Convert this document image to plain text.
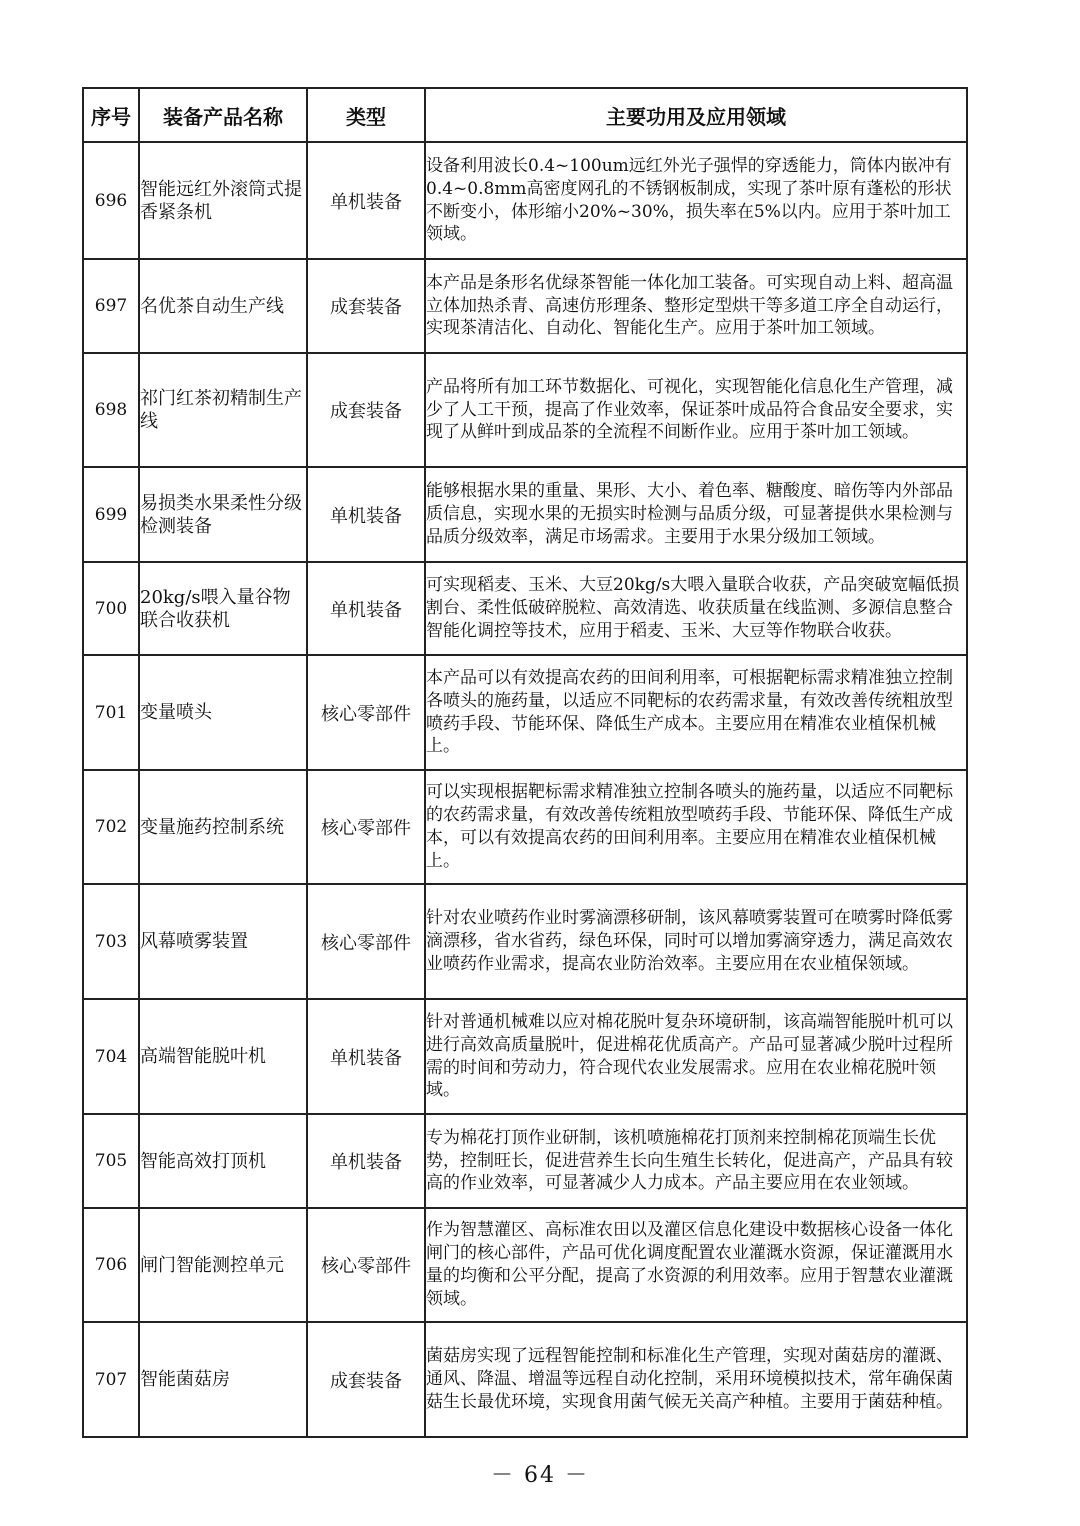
序号	装备产品名称	类型	主要功用及应用领域
696	智能远红外滚筒式提香紧条机	单机装备	设备利用波长0.4~100um远红外光子强悍的穿透能力，筒体内嵌冲有0.4~0.8mm高密度网孔的不锈钢板制成，实现了茶叶原有蓬松的形状不断变小，体形缩小20%~30%，损失率在5%以内。应用于茶叶加工领域。
697	名优茶自动生产线	成套装备	本产品是条形名优绿茶智能一体化加工装备。可实现自动上料、超高温立体加热杀青、高速仿形理条、整形定型烘干等多道工序全自动运行，实现茶清洁化、自动化、智能化生产。应用于茶叶加工领域。
698	祁门红茶初精制生产线	成套装备	产品将所有加工环节数据化、可视化，实现智能化信息化生产管理，减少了人工干预，提高了作业效率，保证茶叶成品符合食品安全要求，实现了从鲜叶到成品茶的全流程不间断作业。应用于茶叶加工领域。
699	易损类水果柔性分级检测装备	单机装备	能够根据水果的重量、果形、大小、着色率、糖酸度、暗伤等内外部品质信息，实现水果的无损实时检测与品质分级，可显著提供水果检测与品质分级效率，满足市场需求。主要用于水果分级加工领域。
700	20kg/s喂入量谷物联合收获机	单机装备	可实现稻麦、玉米、大豆20kg/s大喂入量联合收获，产品突破宽幅低损割台、柔性低破碎脱粒、高效清选、收获质量在线监测、多源信息整合智能化调控等技术，应用于稻麦、玉米、大豆等作物联合收获。
701	变量喷头	核心零部件	本产品可以有效提高农药的田间利用率，可根据靶标需求精准独立控制各喷头的施药量，以适应不同靶标的农药需求量，有效改善传统粗放型喷药手段、节能环保、降低生产成本。主要应用在精准农业植保机械上。
702	变量施药控制系统	核心零部件	可以实现根据靶标需求精准独立控制各喷头的施药量，以适应不同靶标的农药需求量，有效改善传统粗放型喷药手段、节能环保、降低生产成本，可以有效提高农药的田间利用率。主要应用在精准农业植保机械上。
703	风幕喷雾装置	核心零部件	针对农业喷药作业时雾滴漂移研制，该风幕喷雾装置可在喷雾时降低雾滴漂移，省水省药，绿色环保，同时可以增加雾滴穿透力，满足高效农业喷药作业需求，提高农业防治效率。主要应用在农业植保领域。
704	高端智能脱叶机	单机装备	针对普通机械难以应对棉花脱叶复杂环境研制，该高端智能脱叶机可以进行高效高质量脱叶，促进棉花优质高产。产品可显著减少脱叶过程所需的时间和劳动力，符合现代农业发展需求。应用在农业棉花脱叶领域。
705	智能高效打顶机	单机装备	专为棉花打顶作业研制，该机喷施棉花打顶剂来控制棉花顶端生长优势，控制旺长，促进营养生长向生殖生长转化，促进高产，产品具有较高的作业效率，可显著减少人力成本。产品主要应用在农业领域。
706	闸门智能测控单元	核心零部件	作为智慧灌区、高标准农田以及灌区信息化建设中数据核心设备一体化闸门的核心部件，产品可优化调度配置农业灌溉水资源，保证灌溉用水量的均衡和公平分配，提高了水资源的利用效率。应用于智慧农业灌溉领域。
707	智能菌菇房	成套装备	菌菇房实现了远程智能控制和标准化生产管理，实现对菌菇房的灌溉、通风、降温、增温等远程自动化控制，采用环境模拟技术，常年确保菌菇生长最优环境，实现食用菌气候无关高产种植。主要用于菌菇种植。
－ 64 －
